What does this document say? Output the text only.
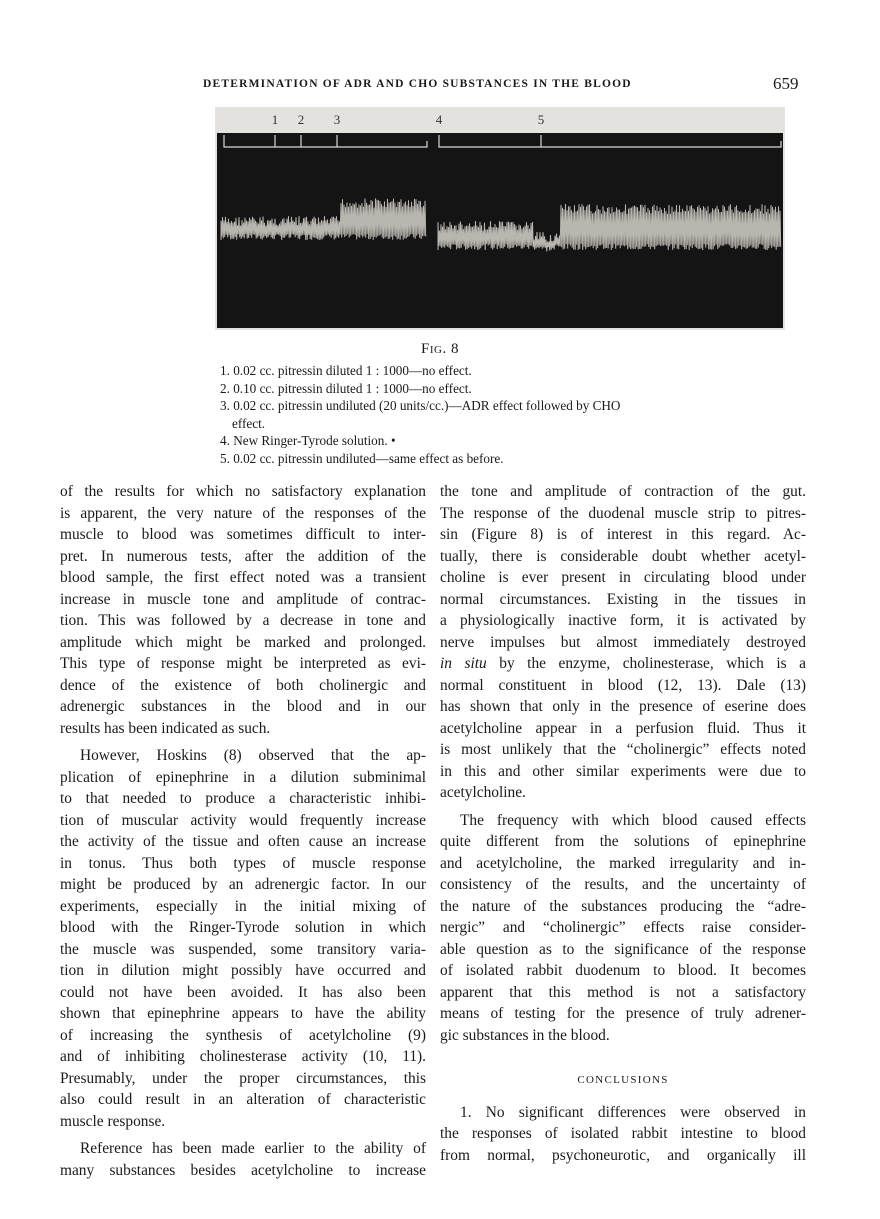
DETERMINATION OF ADR AND CHO SUBSTANCES IN THE BLOOD	659
1 2 3	4	5
Fig. 8
1. 0.02 cc. pitressin diluted 1 : 1000—no effect.
2. 0.10 cc. pitressin diluted 1 : 1000—no effect.
3. 0.02 cc. pitressin undiluted (20 units/cc.)—ADR effect followed by CHO effect.
4. New Ringer-Tyrode solution. •
5. 0.02 cc. pitressin undiluted—same effect as before.
of the results for which no satisfactory explanation
is apparent, the very nature of the responses of the
muscle to blood was sometimes difficult to inter-
pret. In numerous tests, after the addition of the
blood sample, the first effect noted was a transient
increase in muscle tone and amplitude of contrac-
tion. This was followed by a decrease in tone and
amplitude which might be marked and prolonged.
This type of response might be interpreted as evi-
dence of the existence of both cholinergic and
adrenergic substances in the blood and in our
results has been indicated as such.
However, Hoskins (8) observed that the ap-
plication of epinephrine in a dilution subminimal
to that needed to produce a characteristic inhibi-
tion of muscular activity would frequently increase
the activity of the tissue and often cause an increase
in tonus. Thus both types of muscle response
might be produced by an adrenergic factor. In our
experiments, especially in the initial mixing of
blood with the Ringer-Tyrode solution in which
the muscle was suspended, some transitory varia-
tion in dilution might possibly have occurred and
could not have been avoided. It has also been
shown that epinephrine appears to have the ability
of increasing the synthesis of acetylcholine (9)
and of inhibiting cholinesterase activity (10, 11).
Presumably, under the proper circumstances, this
also could result in an alteration of characteristic
muscle response.
Reference has been made earlier to the ability of
many substances besides acetylcholine to increase
the tone and amplitude of contraction of the gut.
The response of the duodenal muscle strip to pitres-
sin (Figure 8) is of interest in this regard. Ac-
tually, there is considerable doubt whether acetyl-
choline is ever present in circulating blood under
normal circumstances. Existing in the tissues in
a physiologically inactive form, it is activated by
nerve impulses but almost immediately destroyed
in situ by the enzyme, cholinesterase, which is a
normal constituent in blood (12, 13). Dale (13)
has shown that only in the presence of eserine does
acetylcholine appear in a perfusion fluid. Thus it
is most unlikely that the “cholinergic” effects noted
in this and other similar experiments were due to
acetylcholine.
The frequency with which blood caused effects
quite different from the solutions of epinephrine
and acetylcholine, the marked irregularity and in-
consistency of the results, and the uncertainty of
the nature of the substances producing the “adre-
nergic” and “cholinergic” effects raise consider-
able question as to the significance of the response
of isolated rabbit duodenum to blood. It becomes
apparent that this method is not a satisfactory
means of testing for the presence of truly adrener-
gic substances in the blood.
CONCLUSIONS
1. No significant differences were observed in
the responses of isolated rabbit intestine to blood
from normal, psychoneurotic, and organically ill
